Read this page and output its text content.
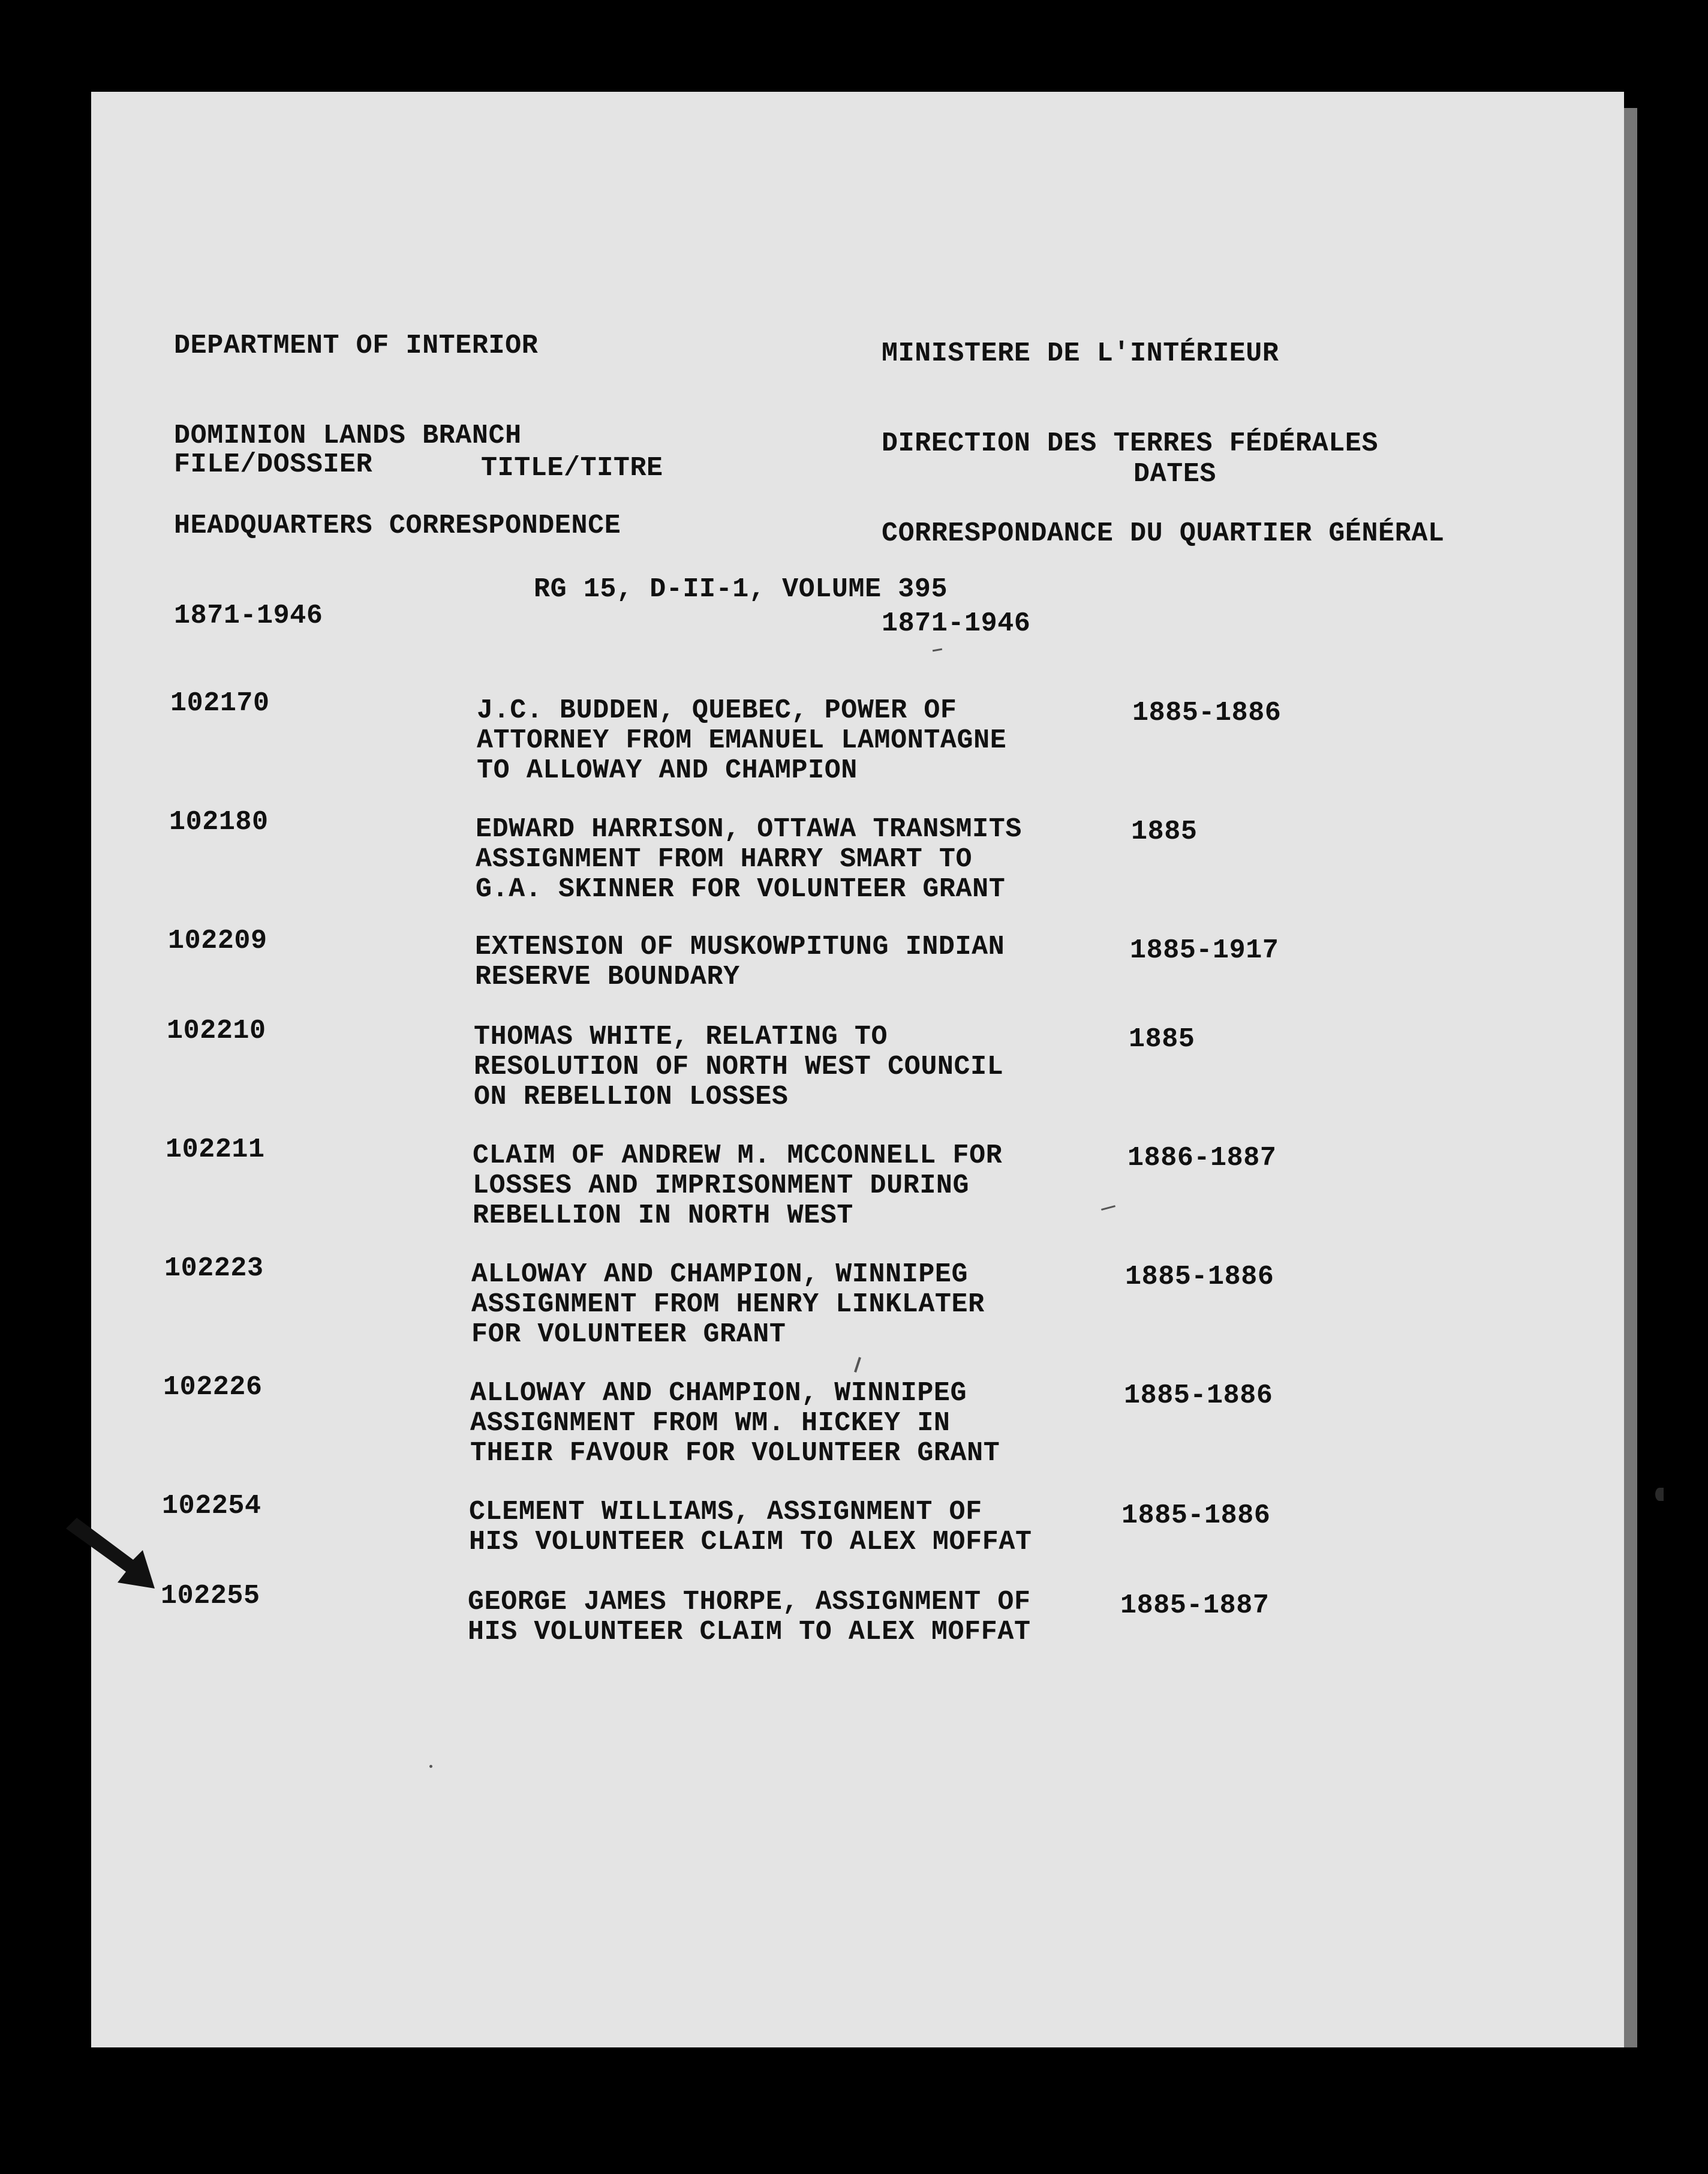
DEPARTMENT OF INTERIOR

DOMINION LANDS BRANCH

HEADQUARTERS CORRESPONDENCE

1871-1946

MINISTERE DE L'INTÉRIEUR

DIRECTION DES TERRES FÉDÉRALES

CORRESPONDANCE DU QUARTIER GÉNÉRAL

1871-1946

FILE/DOSSIER	TITLE/TITRE	DATES
RG 15, D-II-1, VOLUME 395
102170	J.C. BUDDEN, QUEBEC, POWER OF
ATTORNEY FROM EMANUEL LAMONTAGNE
TO ALLOWAY AND CHAMPION
1885-1886
102180	EDWARD HARRISON, OTTAWA TRANSMITS
ASSIGNMENT FROM HARRY SMART TO
G.A. SKINNER FOR VOLUNTEER GRANT
1885
102209	EXTENSION OF MUSKOWPITUNG INDIAN
RESERVE BOUNDARY
1885-1917
102210	THOMAS WHITE, RELATING TO
RESOLUTION OF NORTH WEST COUNCIL
ON REBELLION LOSSES
1885
102211	CLAIM OF ANDREW M. MCCONNELL FOR
LOSSES AND IMPRISONMENT DURING
REBELLION IN NORTH WEST
1886-1887
102223	ALLOWAY AND CHAMPION, WINNIPEG
ASSIGNMENT FROM HENRY LINKLATER
FOR VOLUNTEER GRANT
1885-1886
102226	ALLOWAY AND CHAMPION, WINNIPEG
ASSIGNMENT FROM WM. HICKEY IN
THEIR FAVOUR FOR VOLUNTEER GRANT
1885-1886
102254	CLEMENT WILLIAMS, ASSIGNMENT OF
HIS VOLUNTEER CLAIM TO ALEX MOFFAT
1885-1886
102255	GEORGE JAMES THORPE, ASSIGNMENT OF
HIS VOLUNTEER CLAIM TO ALEX MOFFAT
1885-1887
